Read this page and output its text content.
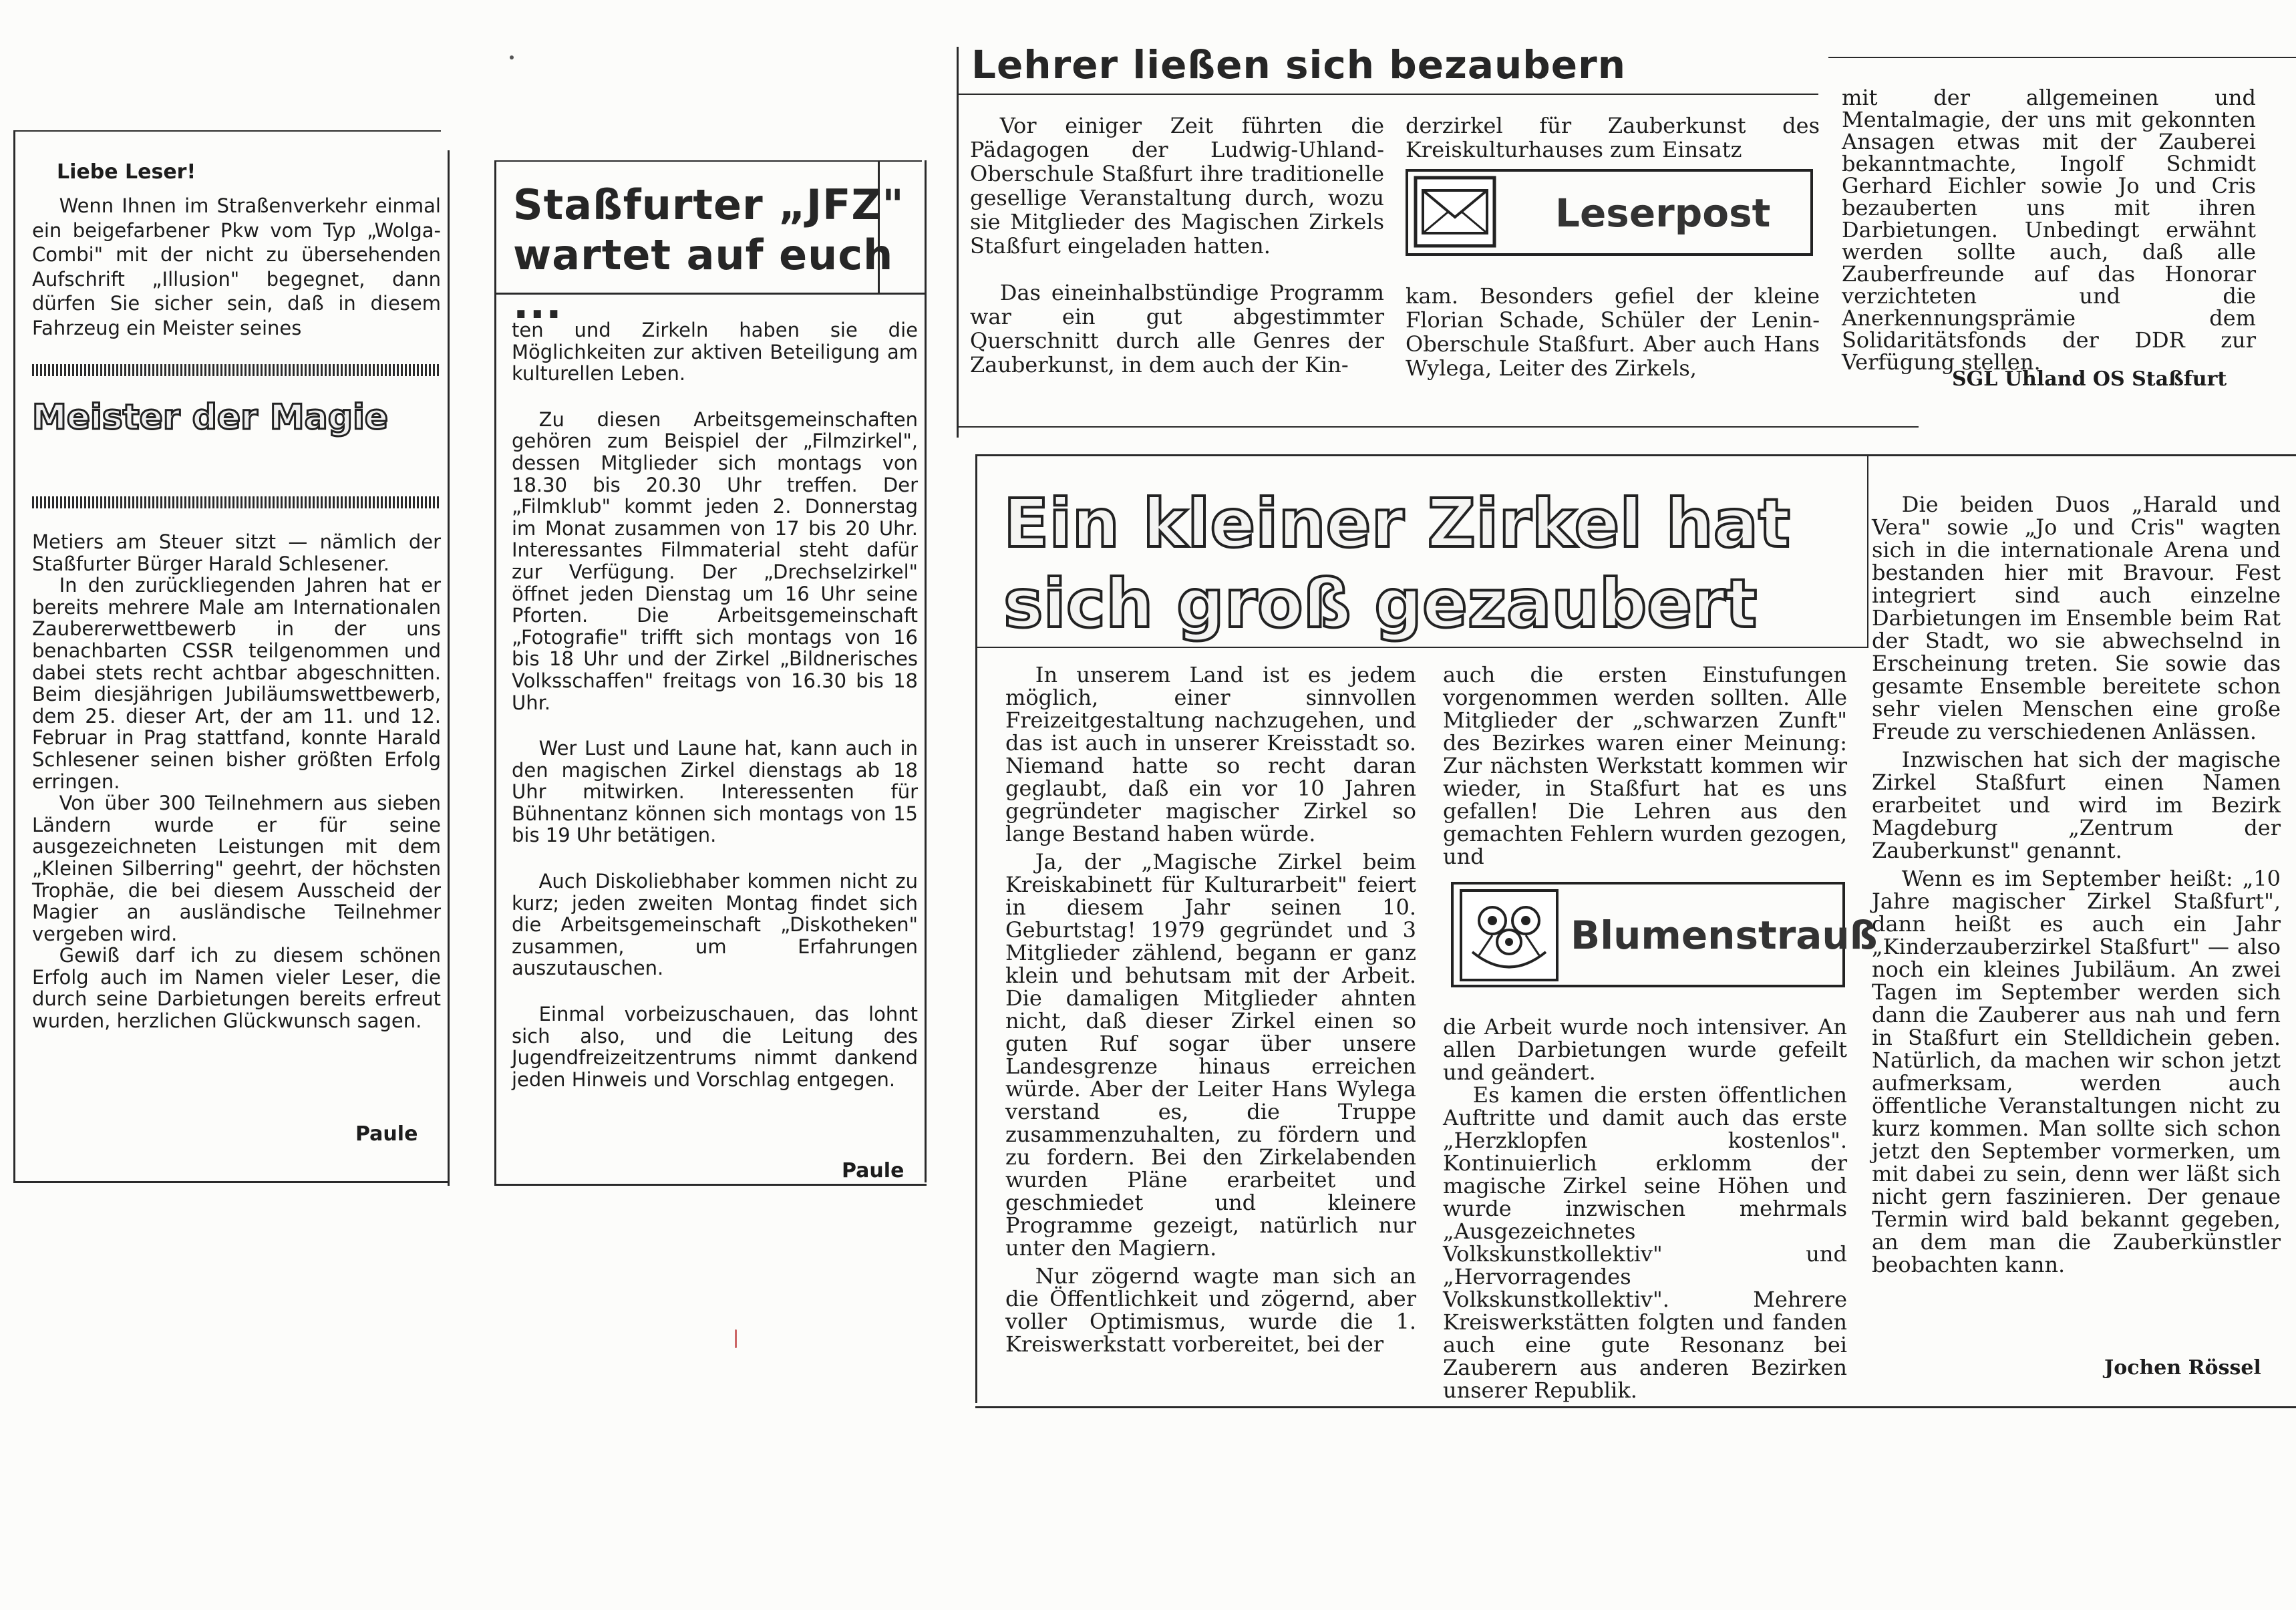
Liebe Leser!

Wenn Ihnen im Straßenverkehr einmal ein beigefarbener Pkw vom Typ „Wolga-Combi" mit der nicht zu übersehenden Aufschrift „Illusion" begegnet, dann dürfen Sie sicher sein, daß in diesem Fahrzeug ein Meister seines

Meister der Magie

Metiers am Steuer sitzt — nämlich der Staßfurter Bürger Harald Schlesener.

In den zurückliegenden Jahren hat er bereits mehrere Male am Internationalen Zaubererwettbewerb in der uns benachbarten CSSR teilgenommen und dabei stets recht achtbar abgeschnitten. Beim diesjährigen Jubiläumswettbewerb, dem 25. dieser Art, der am 11. und 12. Februar in Prag stattfand, konnte Harald Schlesener seinen bisher größten Erfolg erringen.

Von über 300 Teilnehmern aus sieben Ländern wurde er für seine ausgezeichneten Leistungen mit dem „Kleinen Silberring" geehrt, der höchsten Trophäe, die bei diesem Ausscheid der Magier an ausländische Teilnehmer vergeben wird.

Gewiß darf ich zu diesem schönen Erfolg auch im Namen vieler Leser, die durch seine Darbietungen bereits erfreut wurden, herzlichen Glückwunsch sagen.

Paule
Staßfurter „JFZ"
wartet auf euch ...

ten und Zirkeln haben sie die Möglichkeiten zur aktiven Beteiligung am kulturellen Leben.

Zu diesen Arbeitsgemeinschaften gehören zum Beispiel der „Filmzirkel", dessen Mitglieder sich montags von 18.30 bis 20.30 Uhr treffen. Der „Filmklub" kommt jeden 2. Donnerstag im Monat zusammen von 17 bis 20 Uhr. Interessantes Filmmaterial steht dafür zur Verfügung. Der „Drechselzirkel" öffnet jeden Dienstag um 16 Uhr seine Pforten. Die Arbeitsgemeinschaft „Fotografie" trifft sich montags von 16 bis 18 Uhr und der Zirkel „Bildnerisches Volksschaffen" freitags von 16.30 bis 18 Uhr.

Wer Lust und Laune hat, kann auch in den magischen Zirkel dienstags ab 18 Uhr mitwirken. Interessenten für Bühnentanz können sich montags von 15 bis 19 Uhr betätigen.

Auch Diskoliebhaber kommen nicht zu kurz; jeden zweiten Montag findet sich die Arbeitsgemeinschaft „Diskotheken" zusammen, um Erfahrungen auszutauschen.

Einmal vorbeizuschauen, das lohnt sich also, und die Leitung des Jugendfreizeitzentrums nimmt dankend jeden Hinweis und Vorschlag entgegen.

Paule
Lehrer ließen sich bezaubern

Vor einiger Zeit führten die Pädagogen der Ludwig-Uhland-Oberschule Staßfurt ihre traditionelle gesellige Veranstaltung durch, wozu sie Mitglieder des Magischen Zirkels Staßfurt eingeladen hatten.

Das eineinhalbstündige Programm war ein gut abgestimmter Querschnitt durch alle Genres der Zauberkunst, in dem auch der Kin-

derzirkel für Zauberkunst des Kreiskulturhauses zum Einsatz

Leserpost

kam. Besonders gefiel der kleine Florian Schade, Schüler der Lenin-Oberschule Staßfurt. Aber auch Hans Wylega, Leiter des Zirkels,

mit der allgemeinen und Mentalmagie, der uns mit gekonnten Ansagen etwas mit der Zauberei bekanntmachte, Ingolf Schmidt Gerhard Eichler sowie Jo und Cris bezauberten uns mit ihren Darbietungen. Unbedingt erwähnt werden sollte auch, daß alle Zauberfreunde auf das Honorar verzichteten und die Anerkennungsprämie dem Solidaritätsfonds der DDR zur Verfügung stellen.

SGL Uhland OS Staßfurt
Ein kleiner Zirkel hat
sich groß gezaubert

In unserem Land ist es jedem möglich, einer sinnvollen Freizeitgestaltung nachzugehen, und das ist auch in unserer Kreisstadt so. Niemand hatte so recht daran geglaubt, daß ein vor 10 Jahren gegründeter magischer Zirkel so lange Bestand haben würde.

Ja, der „Magische Zirkel beim Kreiskabinett für Kulturarbeit" feiert in diesem Jahr seinen 10. Geburtstag! 1979 gegründet und 3 Mitglieder zählend, begann er ganz klein und behutsam mit der Arbeit. Die damaligen Mitglieder ahnten nicht, daß dieser Zirkel einen so guten Ruf sogar über unsere Landesgrenze hinaus erreichen würde. Aber der Leiter Hans Wylega verstand es, die Truppe zusammenzuhalten, zu fördern und zu fordern. Bei den Zirkelabenden wurden Pläne erarbeitet und geschmiedet und kleinere Programme gezeigt, natürlich nur unter den Magiern.

Nur zögernd wagte man sich an die Öffentlichkeit und zögernd, aber voller Optimismus, wurde die 1. Kreiswerkstatt vorbereitet, bei der

auch die ersten Einstufungen vorgenommen werden sollten. Alle Mitglieder der „schwarzen Zunft" des Bezirkes waren einer Meinung: Zur nächsten Werkstatt kommen wir wieder, in Staßfurt hat es uns gefallen! Die Lehren aus den gemachten Fehlern wurden gezogen, und

Blumenstrauß

die Arbeit wurde noch intensiver. An allen Darbietungen wurde gefeilt und geändert.

Es kamen die ersten öffentlichen Auftritte und damit auch das erste „Herzklopfen kostenlos". Kontinuierlich erklomm der magische Zirkel seine Höhen und wurde inzwischen mehrmals „Ausgezeichnetes Volkskunstkollektiv" und „Hervorragendes Volkskunstkollektiv". Mehrere Kreiswerkstätten folgten und fanden auch eine gute Resonanz bei Zauberern aus anderen Bezirken unserer Republik.

Die beiden Duos „Harald und Vera" sowie „Jo und Cris" wagten sich in die internationale Arena und bestanden hier mit Bravour. Fest integriert sind auch einzelne Darbietungen im Ensemble beim Rat der Stadt, wo sie abwechselnd in Erscheinung treten. Sie sowie das gesamte Ensemble bereitete schon sehr vielen Menschen eine große Freude zu verschiedenen Anlässen.

Inzwischen hat sich der magische Zirkel Staßfurt einen Namen erarbeitet und wird im Bezirk Magdeburg „Zentrum der Zauberkunst" genannt.

Wenn es im September heißt: „10 Jahre magischer Zirkel Staßfurt", dann heißt es auch ein Jahr „Kinderzauberzirkel Staßfurt" — also noch ein kleines Jubiläum. An zwei Tagen im September werden sich dann die Zauberer aus nah und fern in Staßfurt ein Stelldichein geben. Natürlich, da machen wir schon jetzt aufmerksam, werden auch öffentliche Veranstaltungen nicht zu kurz kommen. Man sollte sich schon jetzt den September vormerken, um mit dabei zu sein, denn wer läßt sich nicht gern faszinieren. Der genaue Termin wird bald bekannt gegeben, an dem man die Zauberkünstler beobachten kann.

Jochen Rössel
